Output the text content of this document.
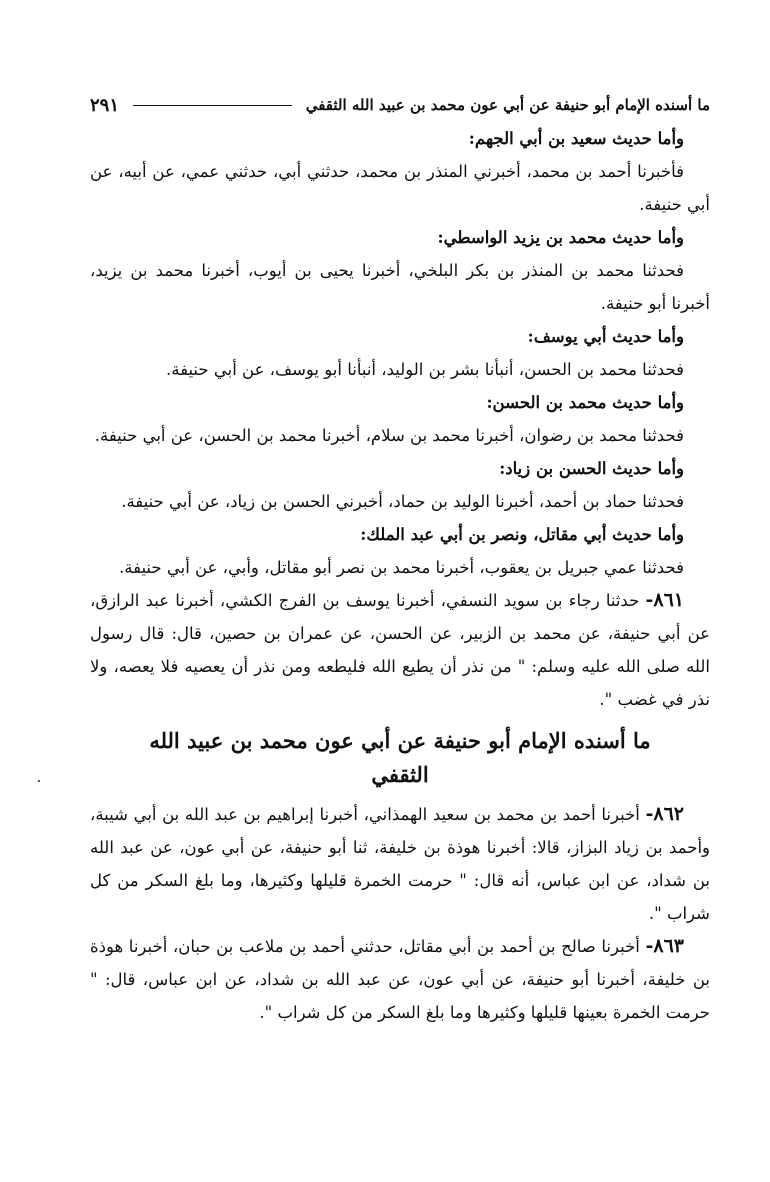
ما أسنده الإمام أبو حنيفة عن أبي عون محمد بن عبيد الله الثقفي
٢٩١
وأما حديث سعيد بن أبي الجهم:
فأخبرنا أحمد بن محمد، أخبرني المنذر بن محمد، حدثني أبي، حدثني عمي، عن أبيه، عن أبي حنيفة.
وأما حديث محمد بن يزيد الواسطي:
فحدثنا محمد بن المنذر بن بكر البلخي، أخبرنا يحيى بن أيوب، أخبرنا محمد بن يزيد، أخبرنا أبو حنيفة.
وأما حديث أبي يوسف:
فحدثنا محمد بن الحسن، أنبأنا بشر بن الوليد، أنبأنا أبو يوسف، عن أبي حنيفة.
وأما حديث محمد بن الحسن:
فحدثنا محمد بن رضوان، أخبرنا محمد بن سلام، أخبرنا محمد بن الحسن، عن أبي حنيفة.
وأما حديث الحسن بن زياد:
فحدثنا حماد بن أحمد، أخبرنا الوليد بن حماد، أخبرني الحسن بن زياد، عن أبي حنيفة.
وأما حديث أبي مقاتل، ونصر بن أبي عبد الملك:
فحدثنا عمي جبريل بن يعقوب، أخبرنا محمد بن نصر أبو مقاتل، وأبي، عن أبي حنيفة.
٨٦١- حدثنا رجاء بن سويد النسفي، أخبرنا يوسف بن الفرج الكشي، أخبرنا عبد الرازق، عن أبي حنيفة، عن محمد بن الزبير، عن الحسن، عن عمران بن حصين، قال: قال رسول الله صلى الله عليه وسلم: " من نذر أن يطيع الله فليطعه ومن نذر أن يعصيه فلا يعصه، ولا نذر في غضب ".
ما أسنده الإمام أبو حنيفة عن أبي عون محمد بن عبيد الله الثقفي
٨٦٢- أخبرنا أحمد بن محمد بن سعيد الهمذاني، أخبرنا إبراهيم بن عبد الله بن أبي شيبة، وأحمد بن زياد البزاز، قالا: أخبرنا هوذة بن خليفة، ثنا أبو حنيفة، عن أبي عون، عن عبد الله بن شداد، عن ابن عباس، أنه قال: " حرمت الخمرة قليلها وكثيرها، وما بلغ السكر من كل شراب ".
٨٦٣- أخبرنا صالح بن أحمد بن أبي مقاتل، حدثني أحمد بن ملاعب بن حبان، أخبرنا هوذة بن خليفة، أخبرنا أبو حنيفة، عن أبي عون، عن عبد الله بن شداد، عن ابن عباس، قال: " حرمت الخمرة بعينها قليلها وكثيرها وما بلغ السكر من كل شراب ".
